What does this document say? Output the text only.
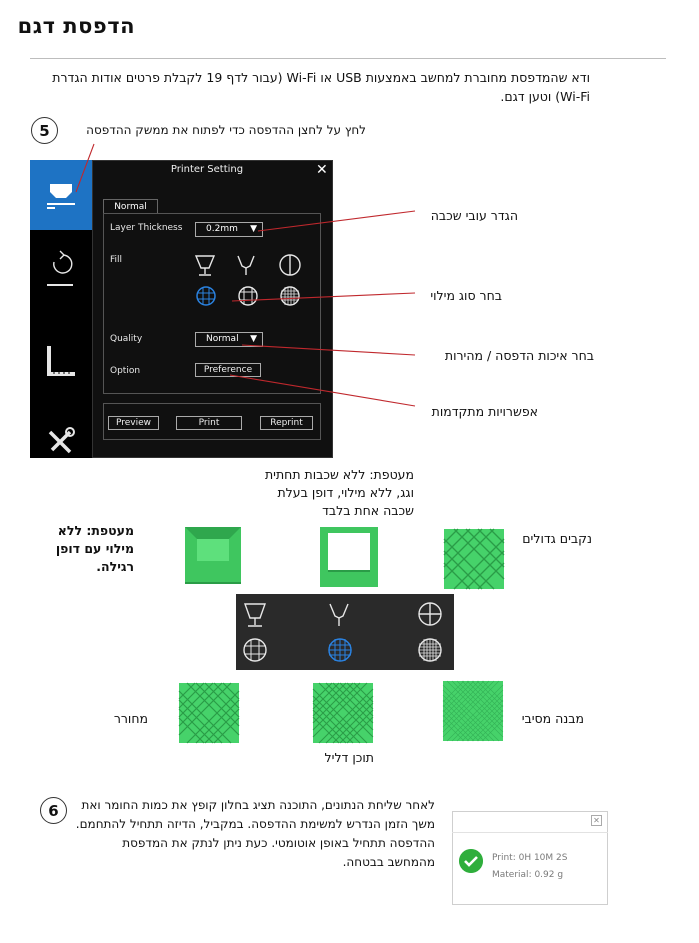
הדפסת דגם
ודא שהמדפסת מחוברת למחשב באמצעות USB או Wi-Fi (עבור לדף 19 לקבלת פרטים אודות הגדרת Wi-Fi) וטען דגם.
5	לחץ על לחצן ההדפסה כדי לפתוח את ממשק ההדפסה
Printer Setting	✕
Normal
Layer Thickness	0.2mm ▼
Fill
Quality	Normal ▼
Option	Preference
Preview	Print	Reprint
הגדר עובי שכבה
בחר סוג מילוי
בחר איכות הדפסה / מהירות
אפשרויות מתקדמות
מעטפת: ללא שכבות תחתית
וגג, ללא מילוי, דופן בעלת
שכבה אחת בלבד
מעטפת: ללא
מילוי עם דופן
רגילה.
נקבים גדולים
מחורר
תוכן דליל
מבנה מסיבי
6	לאחר שליחת הנתונים, התוכנה תציג בחלון קופץ את כמות החומר ואת משך הזמן הנדרש למשימת ההדפסה. במקביל, הדיזה תתחיל להתחמם. ההדפסה תתחיל באופן אוטומטי. כעת ניתן לנתק את המדפסת מהמחשב בבטחה.
✕
Print: 0H 10M 2S
Material: 0.92 g
